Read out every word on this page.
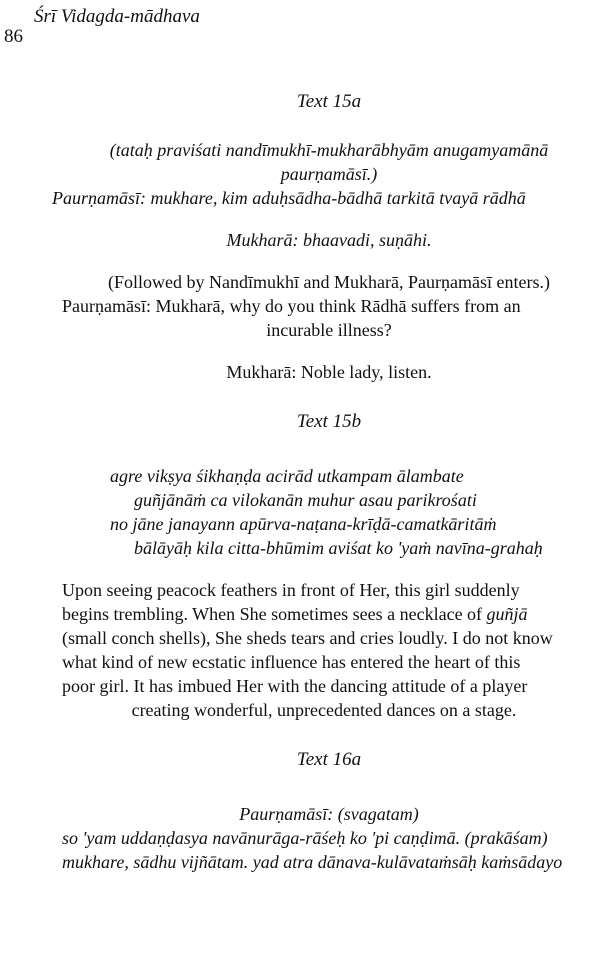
86
Śrī Vidagda-mādhava
Text 15a
(tataḥ praviśati nandīmukhī-mukharābhyām anugamyamānā
paurṇamāsī.)
Paurṇamāsī: mukhare, kim aduḥsādha-bādhā tarkitā tvayā rādhā
Mukharā: bhaavadi, suṇāhi.
(Followed by Nandīmukhī and Mukharā, Paurṇamāsī enters.)
Paurṇamāsī: Mukharā, why do you think Rādhā suffers from an
incurable illness?
Mukharā: Noble lady, listen.
Text 15b
agre vikṣya śikhaṇḍa acirād utkampam ālambate
guñjānāṁ ca vilokanān muhur asau parikrośati
no jāne janayann apūrva-naṭana-krīḍā-camatkāritāṁ
bālāyāḥ kila citta-bhūmim aviśat ko 'yaṁ navīna-grahaḥ
Upon seeing peacock feathers in front of Her, this girl suddenly
begins trembling. When She sometimes sees a necklace of guñjā
(small conch shells), She sheds tears and cries loudly. I do not know
what kind of new ecstatic influence has entered the heart of this
poor girl. It has imbued Her with the dancing attitude of a player
creating wonderful, unprecedented dances on a stage.
Text 16a
Paurṇamāsī: (svagatam)
so 'yam uddaṇḍasya navānurāga-rāśeḥ ko 'pi caṇḍimā. (prakāśam)
mukhare, sādhu vijñātam. yad atra dānava-kulāvataṁsāḥ kaṁsādayo
